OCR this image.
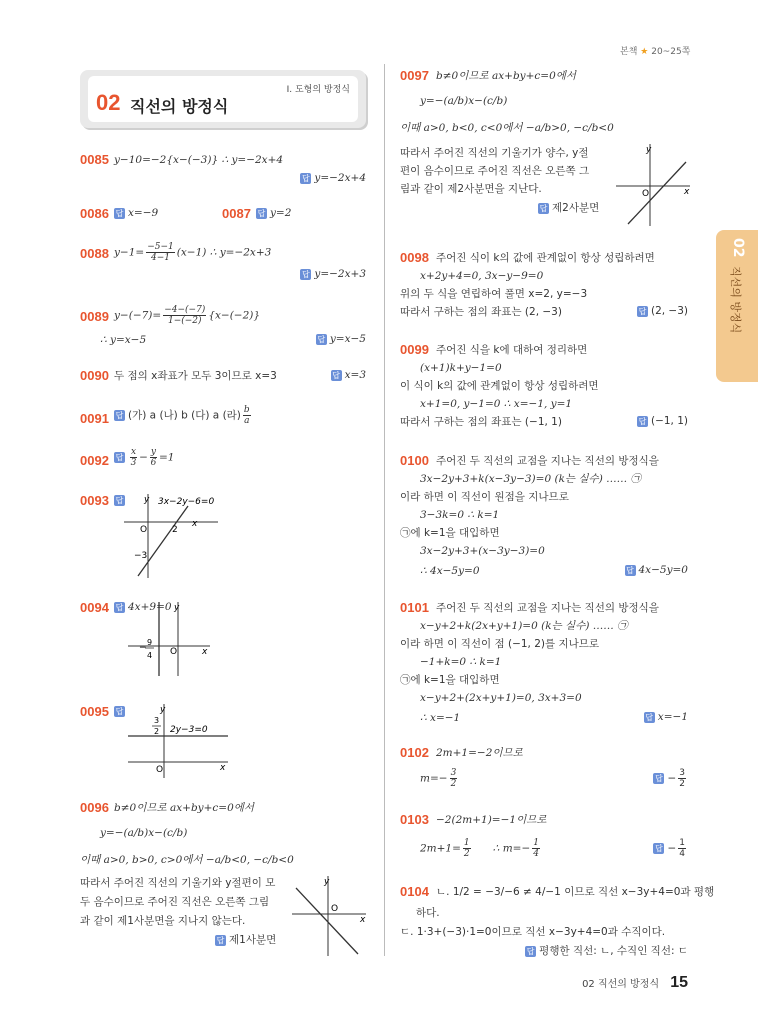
본책 ★ 20~25쪽
Ⅰ. 도형의 방정식
02 직선의 방정식
02
직선의 방정식
0085 y−10=−2{x−(−3)} ∴ y=−2x+4
답 y=−2x+4
0086 답 x=−9	0087 답 y=2
0088 $y-1= \frac{-5-1}{4-1} (x-1)$ ∴ y=−2x+3
답 y=−2x+3
0089 $y-(-7)= \frac{-4-(-7)}{1-(-2)} \{x-(-2)\}$
∴ y=x−5	답 y=x−5
0090 두 점의 x좌표가 모두 3이므로 x=3	답 x=3
0091 답 (가) a (나) b (다) a (라) $\frac{b}{a}$
0092 답 $\frac{x}{3} - \frac{y}{6} =1$
0093 답
x
y
O	2
−3
3x−2y−6=0
0094 답 4x+9=0
x
y
O
−
9
4
0095 답
x
y
O
3
2 2y−3=0
0096 b≠0이므로 ax+by+c=0에서
y=−(a/b)x−(c/b)
이때 a>0, b>0, c>0에서 −a/b<0, −c/b<0
따라서 주어진 직선의 기울기와 y절편이 모
두 음수이므로 주어진 직선은 오른쪽 그림
과 같이 제1사분면을 지나지 않는다.
답 제1사분면
x
y
O
0097 b≠0이므로 ax+by+c=0에서
y=−(a/b)x−(c/b)
이때 a>0, b<0, c<0에서 −a/b>0, −c/b<0
따라서 주어진 직선의 기울기가 양수, y절
편이 음수이므로 주어진 직선은 오른쪽 그
림과 같이 제2사분면을 지난다.
답 제2사분면
x
y
O
0098 주어진 식이 k의 값에 관계없이 항상 성립하려면
x+2y+4=0, 3x−y−9=0
위의 두 식을 연립하여 풀면 x=2, y=−3
따라서 구하는 점의 좌표는 (2, −3)	답 (2, −3)
0099 주어진 식을 k에 대하여 정리하면
(x+1)k+y−1=0
이 식이 k의 값에 관계없이 항상 성립하려면
x+1=0, y−1=0 ∴ x=−1, y=1
따라서 구하는 점의 좌표는 (−1, 1)	답 (−1, 1)
0100 주어진 두 직선의 교점을 지나는 직선의 방정식을
3x−2y+3+k(x−3y−3)=0 (k는 실수) …… ㉠
이라 하면 이 직선이 원점을 지나므로
3−3k=0 ∴ k=1
㉠에 k=1을 대입하면
3x−2y+3+(x−3y−3)=0
∴ 4x−5y=0	답 4x−5y=0
0101 주어진 두 직선의 교점을 지나는 직선의 방정식을
x−y+2+k(2x+y+1)=0 (k는 실수) …… ㉠
이라 하면 이 직선이 점 (−1, 2)를 지나므로
−1+k=0 ∴ k=1
㉠에 k=1을 대입하면
x−y+2+(2x+y+1)=0, 3x+3=0
∴ x=−1	답 x=−1
0102 2m+1=−2이므로
$m=- \frac{3}{2}$	답 − $\frac{3}{2}$
0103 −2(2m+1)=−1이므로
$2m+1= \frac{1}{2}$ ∴ $m=- \frac{1}{4}$	답 − $\frac{1}{4}$
0104 ㄴ. 1/2 = −3/−6 ≠ 4/−1 이므로 직선 x−3y+4=0과 평행
하다.
ㄷ. 1·3+(−3)·1=0이므로 직선 x−3y+4=0과 수직이다.
답 평행한 직선: ㄴ, 수직인 직선: ㄷ
02 직선의 방정식 15
